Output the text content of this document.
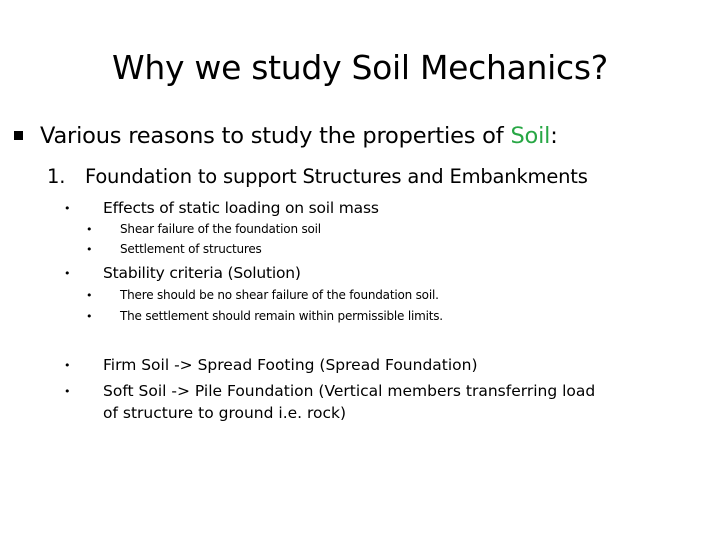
Why we study Soil Mechanics?
Various reasons to study the properties of Soil:
1. Foundation to support Structures and Embankments
• Effects of static loading on soil mass
• Shear failure of the foundation soil
• Settlement of structures
• Stability criteria (Solution)
• There should be no shear failure of the foundation soil.
• The settlement should remain within permissible limits.
• Firm Soil -> Spread Footing (Spread Foundation)
• Soft Soil -> Pile Foundation (Vertical members transferring load of structure to ground i.e. rock)
